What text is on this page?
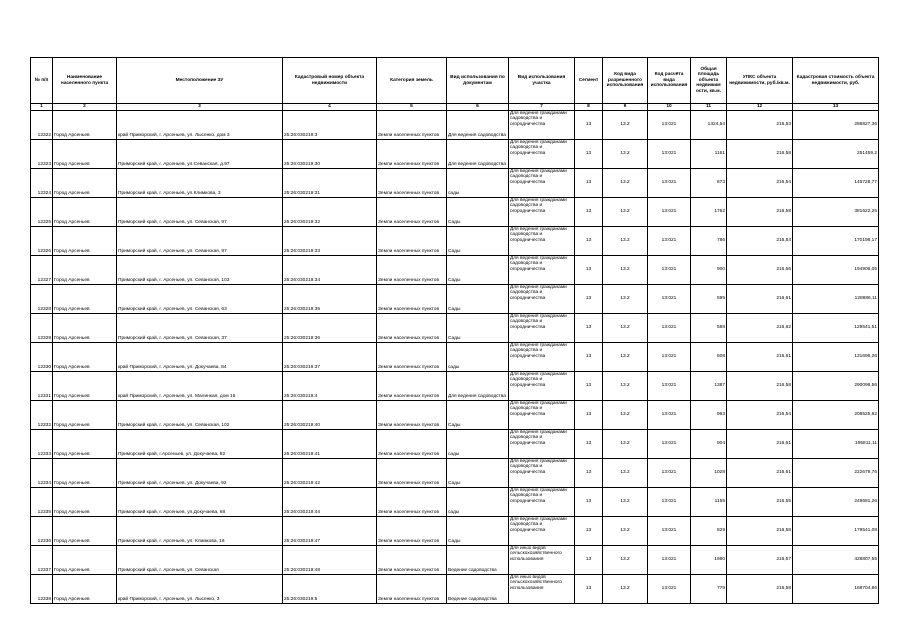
№ п/п	Наименование населенного пункта	Местоположение ЗУ	Кадастровый номер объекта недвижимости	Категория земель	Вид использования по документам	Вид использования участка	Сегмент	Код вида разрешенного использования	Код расчёта вида использования	Общая площадь объекта недвижим ости, кв.м.	УПКС объекта недвижимости, руб./кв.м.	Кадастровая стоимость объекта недвижимости, руб.
1	2	3	4	5	6	7	8	9	10	11	12	13
12322	Город Арсеньев	край Приморский, г. Арсеньев, ул. Лысенко, дом 3	25:26:030219:3	Земли населенных пунктов	Для ведения садоводства	Для ведения гражданами садоводства и огородничества	13	13.2	13:021	1324,54	216,53	286827,36
12323	Город Арсеньев	Приморский край, г. Арсеньев, ул.Севанская, д.97	25:26:030219:30	Земли населенных пунктов	Для ведения садоводства	Для ведения гражданами садоводства и огородничества	13	13.2	13:021	1161	216,58	251459,2
12324	Город Арсеньев	Приморский край, г. Арсеньев, ул.Климкова, 3	25:26:030219:31	Земли населенных пунктов	сады	Для ведения гражданами садоводства и огородничества	13	13.2	13:021	673	216,54	145728,77
12325	Город Арсеньев	Приморский край, г. Арсеньев, ул. Севанская, 97	25:26:030219:32	Земли населенных пунктов	Сады	Для ведения гражданами садоводства и огородничества	13	13.2	13:021	1762	216,58	381622,25
12326	Город Арсеньев	Приморский край, г. Арсеньев, ул. Севанская, 97	25:26:030219:33	Земли населенных пунктов	Сады	Для ведения гражданами садоводства и огородничества	13	13.2	13:021	786	216,54	170198,17
12327	Город Арсеньев	Приморский край, г. Арсеньев, ул. Севанская, 103	25:26:030219:34	Земли населенных пунктов	Сады	Для ведения гражданами садоводства и огородничества	13	13.2	13:021	900	216,56	194906,05
12328	Город Арсеньев	Приморский край, г. Арсеньев, ул. Севанская, 63	25:26:030219:35	Земли населенных пунктов	Сады	Для ведения гражданами садоводства и огородничества	13	13.2	13:021	595	216,61	128886,11
12329	Город Арсеньев	Приморский край, г. Арсеньев, ул. Севанская, 37	25:26:030219:36	Земли населенных пунктов	Сады	Для ведения гражданами садоводства и огородничества	13	13.2	13:021	598	216,62	129541,51
12330	Город Арсеньев	край Приморский, г. Арсеньев, ул. Докучаева, 84	25:26:030219:37	Земли населенных пунктов	сады	Для ведения гражданами садоводства и огородничества	13	13.2	13:021	608	216,61	131696,26
12331	Город Арсеньев	край Приморский, г. Арсеньев, ул. Малинкая, дом 15	25:26:030219:4	Земли населенных пунктов	Для ведения садоводства	Для ведения гражданами садоводства и огородничества	13	13.2	13:021	1387	216,58	290096,56
12332	Город Арсеньев	Приморский край, г. Арсеньев, ул. Севанская, 102	25:26:030219:40	Земли населенных пунктов	Сады	Для ведения гражданами садоводства и огородничества	13	13.2	13:021	963	216,54	208525,62
12333	Город Арсеньев	Приморский край, г.Арсеньев, ул. Докучаева, 82	25:26:030219:41	Земли населенных пунктов	сады	Для ведения гражданами садоводства и огородничества	13	13.2	13:021	904	216,61	195811,11
12334	Город Арсеньев	Приморский край, г. Арсеньев, ул. Докучаева, 92	25:26:030219:42	Земли населенных пунктов	Сады	Для ведения гражданами садоводства и огородничества	13	13.2	13:021	1028	216,61	222679,76
12335	Город Арсеньев	Приморский край, г. Арсеньев, ул.Докучаева, 68	25:26:030219:44	Земли населенных пунктов	сады	Для ведения гражданами садоводства и огородничества	13	13.2	13:021	1155	216,55	249681,26
12336	Город Арсеньев	Приморский край, г. Арсеньев, ул. Климкова, 16	25:26:030219:47	Земли населенных пунктов	Сады	Для ведения гражданами садоводства и огородничества	13	13.2	13:021	829	216,58	179541,08
12337	Город Арсеньев	Приморский край, г. Арсеньев, ул. Севанская	25:26:030219:48	Земли населенных пунктов	Ведение садоводства	Для иных видов сельскохозяйственного использования	13	13.2	13:021	1980	216,57	428807,55
12338	Город Арсеньев	край Приморский, г. Арсеньев, ул. Лысенко, 3	25:26:030219:5	Земли населенных пунктов	Ведение садоводства	Для иных видов сельскохозяйственного использования	13	13.2	13:021	779	216,58	168704,86
